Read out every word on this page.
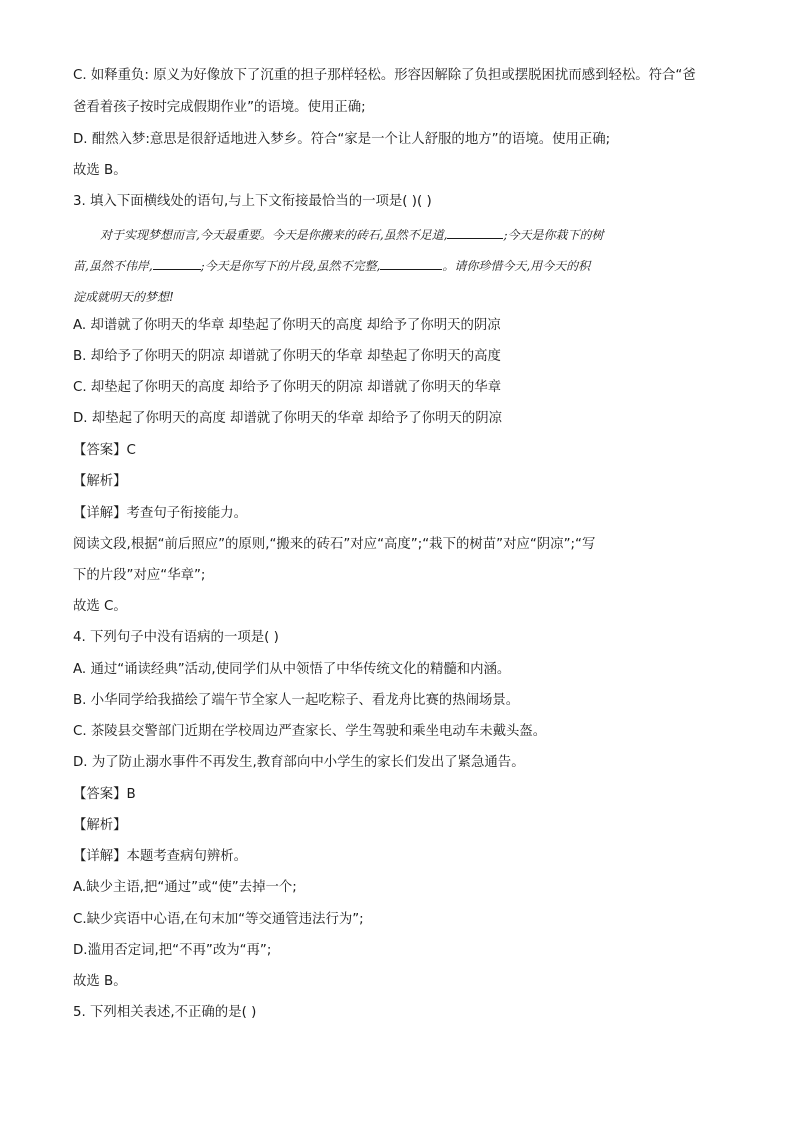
C. 如释重负: 原义为好像放下了沉重的担子那样轻松。形容因解除了负担或摆脱困扰而感到轻松。符合“爸
爸看着孩子按时完成假期作业”的语境。使用正确;
D. 酣然入梦:意思是很舒适地进入梦乡。符合“家是一个让人舒服的地方”的语境。使用正确;
故选 B。
3. 填入下面横线处的语句,与上下文衔接最恰当的一项是( )( )
对于实现梦想而言,今天最重要。今天是你搬来的砖石,虽然不足道,	;今天是你栽下的树
苗,虽然不伟岸,	;今天是你写下的片段,虽然不完整,	。请你珍惜今天,用今天的积
淀成就明天的梦想!
A. 却谱就了你明天的华章 却垫起了你明天的高度 却给予了你明天的阴凉
B. 却给予了你明天的阴凉 却谱就了你明天的华章 却垫起了你明天的高度
C. 却垫起了你明天的高度 却给予了你明天的阴凉 却谱就了你明天的华章
D. 却垫起了你明天的高度 却谱就了你明天的华章 却给予了你明天的阴凉
【答案】C
【解析】
【详解】考查句子衔接能力。
阅读文段,根据“前后照应”的原则,“搬来的砖石”对应“高度”;“栽下的树苗”对应“阴凉”;“写
下的片段”对应“华章”;
故选 C。
4. 下列句子中没有语病的一项是( )
A. 通过“诵读经典”活动,使同学们从中领悟了中华传统文化的精髓和内涵。
B. 小华同学给我描绘了端午节全家人一起吃粽子、看龙舟比赛的热闹场景。
C. 茶陵县交警部门近期在学校周边严查家长、学生驾驶和乘坐电动车未戴头盔。
D. 为了防止溺水事件不再发生,教育部向中小学生的家长们发出了紧急通告。
【答案】B
【解析】
【详解】本题考查病句辨析。
A.缺少主语,把“通过”或“使”去掉一个;
C.缺少宾语中心语,在句末加“等交通管违法行为”;
D.滥用否定词,把“不再”改为“再”;
故选 B。
5. 下列相关表述,不正确的是( )
